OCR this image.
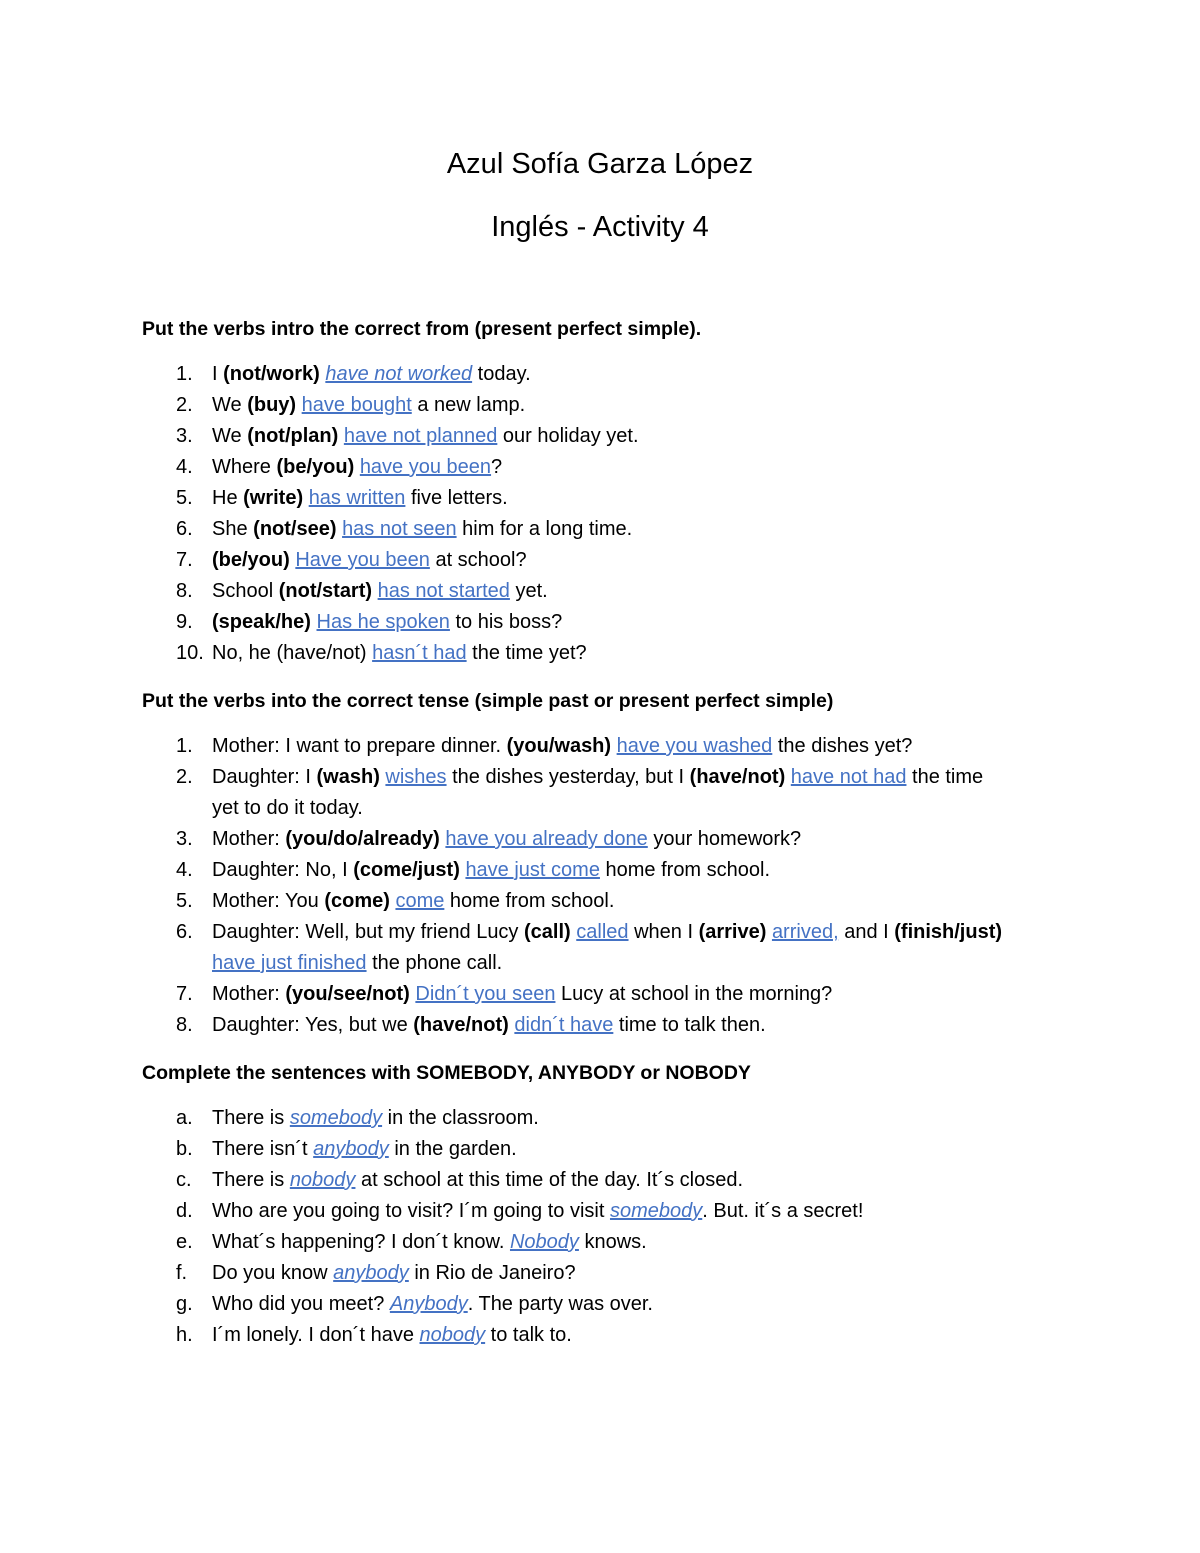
Azul Sofía Garza López
Inglés - Activity 4
Put the verbs intro the correct from (present perfect simple).
1. I (not/work) have not worked today.
2. We (buy) have bought a new lamp.
3. We (not/plan) have not planned our holiday yet.
4. Where (be/you) have you been?
5. He (write) has written five letters.
6. She (not/see) has not seen him for a long time.
7. (be/you) Have you been at school?
8. School (not/start) has not started yet.
9. (speak/he) Has he spoken to his boss?
10. No, he (have/not) hasn´t had the time yet?
Put the verbs into the correct tense (simple past or present perfect simple)
1. Mother: I want to prepare dinner. (you/wash) have you washed the dishes yet?
2. Daughter: I (wash) wishes the dishes yesterday, but I (have/not) have not had the time
yet to do it today.
3. Mother: (you/do/already) have you already done your homework?
4. Daughter: No, I (come/just) have just come home from school.
5. Mother: You (come) come home from school.
6. Daughter: Well, but my friend Lucy (call) called when I (arrive) arrived, and I (finish/just)
have just finished the phone call.
7. Mother: (you/see/not) Didn´t you seen Lucy at school in the morning?
8. Daughter: Yes, but we (have/not) didn´t have time to talk then.
Complete the sentences with SOMEBODY, ANYBODY or NOBODY
a. There is somebody in the classroom.
b. There isn´t anybody in the garden.
c.	There is nobody at school at this time of the day. It´s closed.
d. Who are you going to visit? I´m going to visit somebody. But. it´s a secret!
e. What´s happening? I don´t know. Nobody knows.
f.	Do you know anybody in Rio de Janeiro?
g. Who did you meet? Anybody. The party was over.
h. I´m lonely. I don´t have nobody to talk to.
